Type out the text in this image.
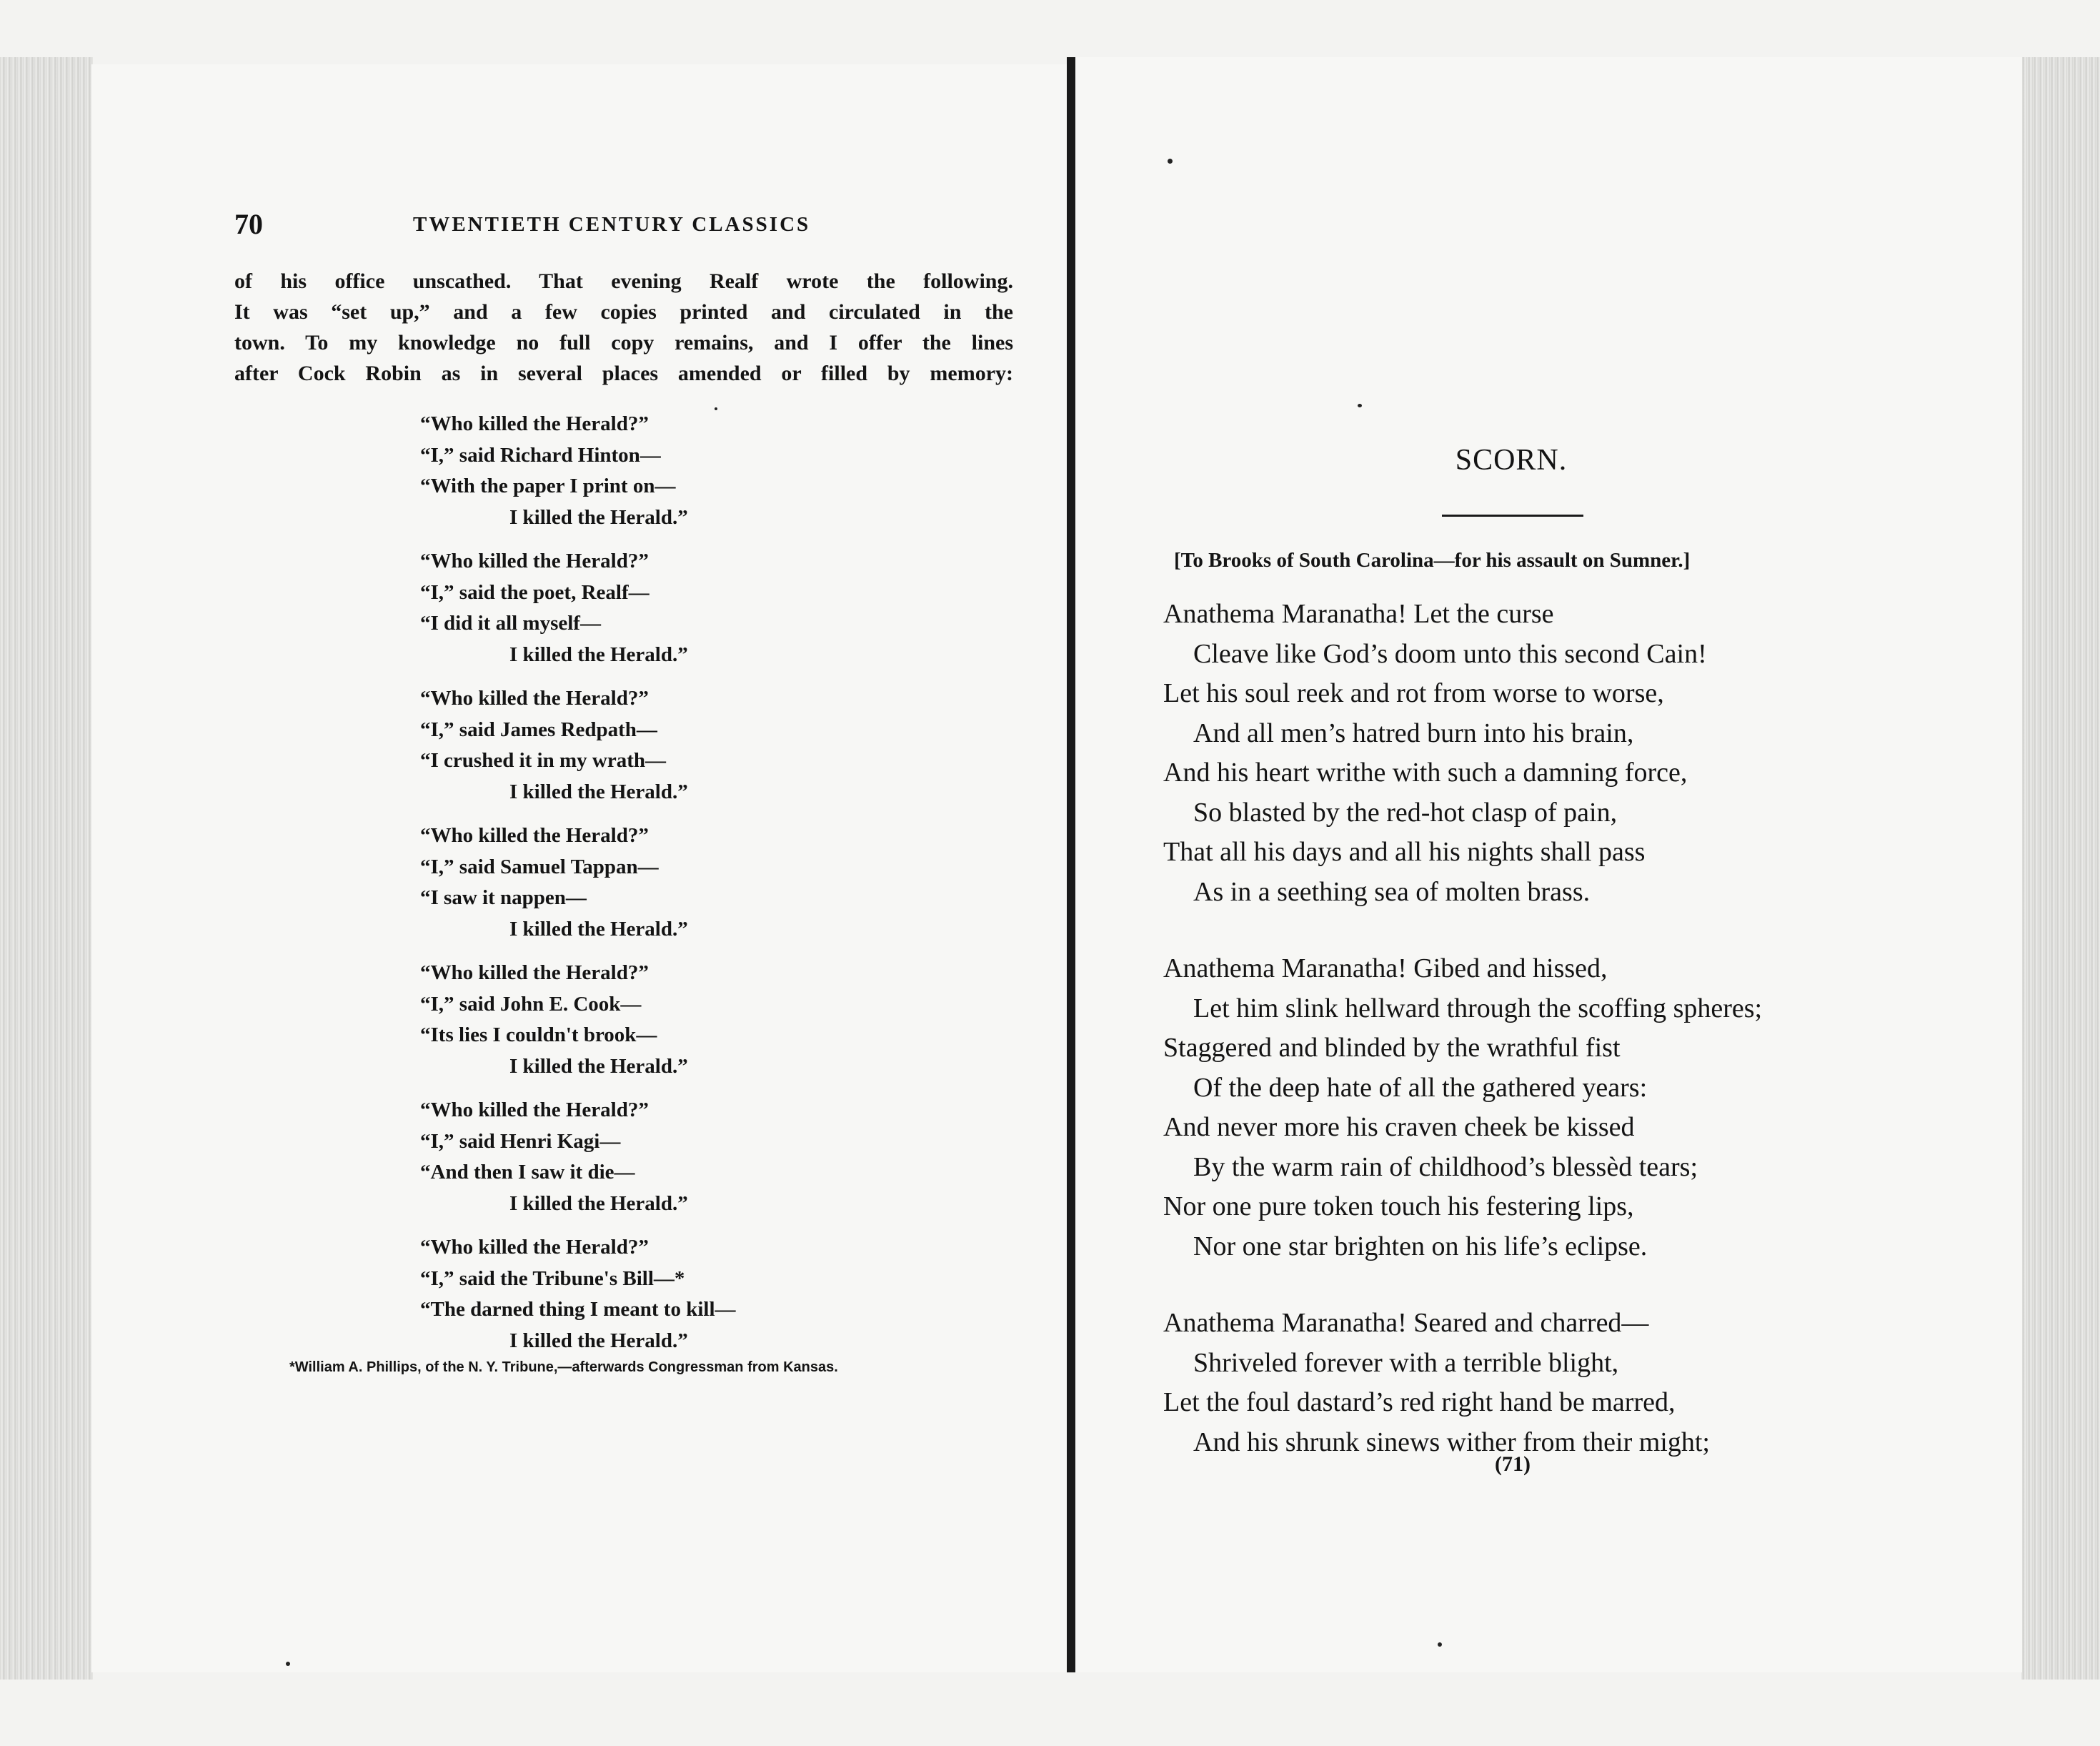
70	TWENTIETH CENTURY CLASSICS
of his office unscathed. That evening Realf wrote the following.
It was “set up,” and a few copies printed and circulated in the
town. To my knowledge no full copy remains, and I offer the lines
after Cock Robin as in several places amended or filled by memory:
“Who killed the Herald?”
“I,” said Richard Hinton—
“With the paper I print on—
I killed the Herald.”
“Who killed the Herald?”
“I,” said the poet, Realf—
“I did it all myself—
I killed the Herald.”
“Who killed the Herald?”
“I,” said James Redpath—
“I crushed it in my wrath—
I killed the Herald.”
“Who killed the Herald?”
“I,” said Samuel Tappan—
“I saw it nappen—
I killed the Herald.”
“Who killed the Herald?”
“I,” said John E. Cook—
“Its lies I couldn't brook—
I killed the Herald.”
“Who killed the Herald?”
“I,” said Henri Kagi—
“And then I saw it die—
I killed the Herald.”
“Who killed the Herald?”
“I,” said the Tribune's Bill—*
“The darned thing I meant to kill—
I killed the Herald.”
*William A. Phillips, of the N. Y. Tribune,—afterwards Congressman from Kansas.
SCORN.
[To Brooks of South Carolina—for his assault on Sumner.]
Anathema Maranatha! Let the curse
Cleave like God’s doom unto this second Cain!
Let his soul reek and rot from worse to worse,
And all men’s hatred burn into his brain,
And his heart writhe with such a damning force,
So blasted by the red-hot clasp of pain,
That all his days and all his nights shall pass
As in a seething sea of molten brass.
Anathema Maranatha! Gibed and hissed,
Let him slink hellward through the scoffing spheres;
Staggered and blinded by the wrathful fist
Of the deep hate of all the gathered years:
And never more his craven cheek be kissed
By the warm rain of childhood’s blessèd tears;
Nor one pure token touch his festering lips,
Nor one star brighten on his life’s eclipse.
Anathema Maranatha! Seared and charred—
Shriveled forever with a terrible blight,
Let the foul dastard’s red right hand be marred,
And his shrunk sinews wither from their might;
(71)
